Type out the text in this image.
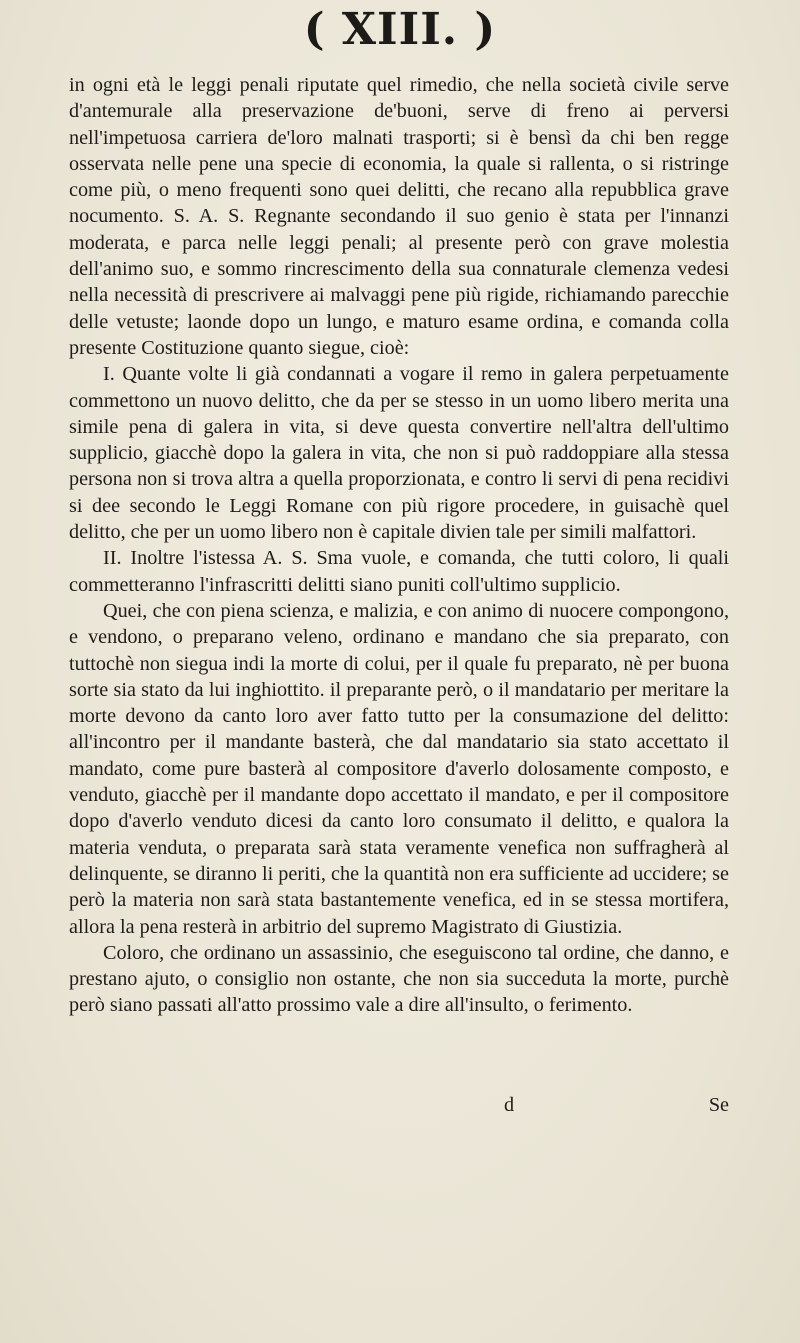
( XIII. )

in ogni età le leggi penali riputate quel rimedio, che nella società civile serve d'antemurale alla preservazione de'buoni, serve di freno ai perversi nell'impetuosa carriera de'loro malnati trasporti; si è bensì da chi ben regge osservata nelle pene una specie di economia, la quale si rallenta, o si ristringe come più, o meno frequenti sono quei delitti, che recano alla repubblica grave nocumento. S. A. S. Regnante secondando il suo genio è stata per l'innanzi moderata, e parca nelle leggi penali; al presente però con grave molestia dell'animo suo, e sommo rincrescimento della sua connaturale clemenza vedesi nella necessità di prescrivere ai malvaggi pene più rigide, richiamando parecchie delle vetuste; laonde dopo un lungo, e maturo esame ordina, e comanda colla presente Costituzione quanto siegue, cioè:

I. Quante volte li già condannati a vogare il remo in galera perpetuamente commettono un nuovo delitto, che da per se stesso in un uomo libero merita una simile pena di galera in vita, si deve questa convertire nell'altra dell'ultimo supplicio, giacchè dopo la galera in vita, che non si può raddoppiare alla stessa persona non si trova altra a quella proporzionata, e contro li servi di pena recidivi si dee secondo le Leggi Romane con più rigore procedere, in guisachè quel delitto, che per un uomo libero non è capitale divien tale per simili malfattori.

II. Inoltre l'istessa A. S. Sma vuole, e comanda, che tutti coloro, li quali commetteranno l'infrascritti delitti siano puniti coll'ultimo supplicio.

Quei, che con piena scienza, e malizia, e con animo di nuocere compongono, e vendono, o preparano veleno, ordinano e mandano che sia preparato, con tuttochè non siegua indi la morte di colui, per il quale fu preparato, nè per buona sorte sia stato da lui inghiottito. il preparante però, o il mandatario per meritare la morte devono da canto loro aver fatto tutto per la consumazione del delitto: all'incontro per il mandante basterà, che dal mandatario sia stato accettato il mandato, come pure basterà al compositore d'averlo dolosamente composto, e venduto, giacchè per il mandante dopo accettato il mandato, e per il compositore dopo d'averlo venduto dicesi da canto loro consumato il delitto, e qualora la materia venduta, o preparata sarà stata veramente venefica non suffragherà al delinquente, se diranno li periti, che la quantità non era sufficiente ad uccidere; se però la materia non sarà stata bastantemente venefica, ed in se stessa mortifera, allora la pena resterà in arbitrio del supremo Magistrato di Giustizia.

Coloro, che ordinano un assassinio, che eseguiscono tal ordine, che danno, e prestano ajuto, o consiglio non ostante, che non sia succeduta la morte, purchè però siano passati all'atto prossimo vale a dire all'insulto, o ferimento.

d	Se
